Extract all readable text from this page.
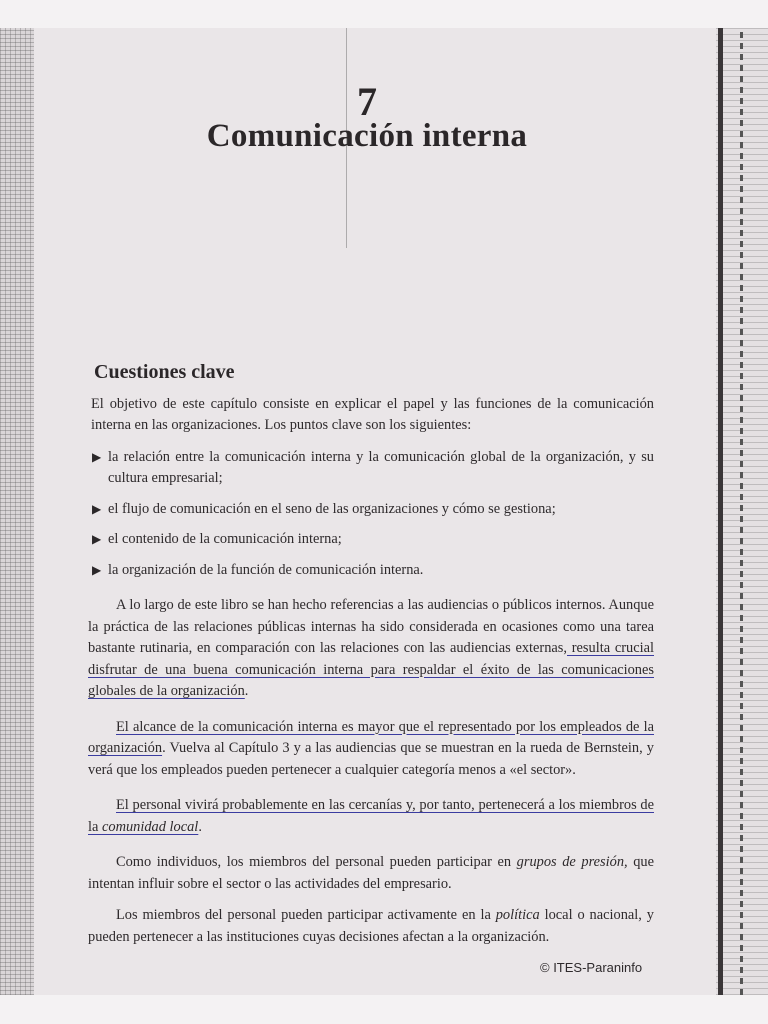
7
Comunicación interna
Cuestiones clave

El objetivo de este capítulo consiste en explicar el papel y las funciones de la comunicación interna en las organizaciones. Los puntos clave son los siguientes:

▶ la relación entre la comunicación interna y la comunicación global de la organización, y su cultura empresarial;
▶ el flujo de comunicación en el seno de las organizaciones y cómo se gestiona;
▶ el contenido de la comunicación interna;
▶ la organización de la función de comunicación interna.

A lo largo de este libro se han hecho referencias a las audiencias o públicos internos. Aunque la práctica de las relaciones públicas internas ha sido considerada en ocasiones como una tarea bastante rutinaria, en comparación con las relaciones con las audiencias externas, resulta crucial disfrutar de una buena comunicación interna para respaldar el éxito de las comunicaciones globales de la organización.

El alcance de la comunicación interna es mayor que el representado por los empleados de la organización. Vuelva al Capítulo 3 y a las audiencias que se muestran en la rueda de Bernstein, y verá que los empleados pueden pertenecer a cualquier categoría menos a «el sector».

El personal vivirá probablemente en las cercanías y, por tanto, pertenecerá a los miembros de la comunidad local.

Como individuos, los miembros del personal pueden participar en grupos de presión, que intentan influir sobre el sector o las actividades del empresario.

Los miembros del personal pueden participar activamente en la política local o nacional, y pueden pertenecer a las instituciones cuyas decisiones afectan a la organización.

© ITES-Paraninfo
